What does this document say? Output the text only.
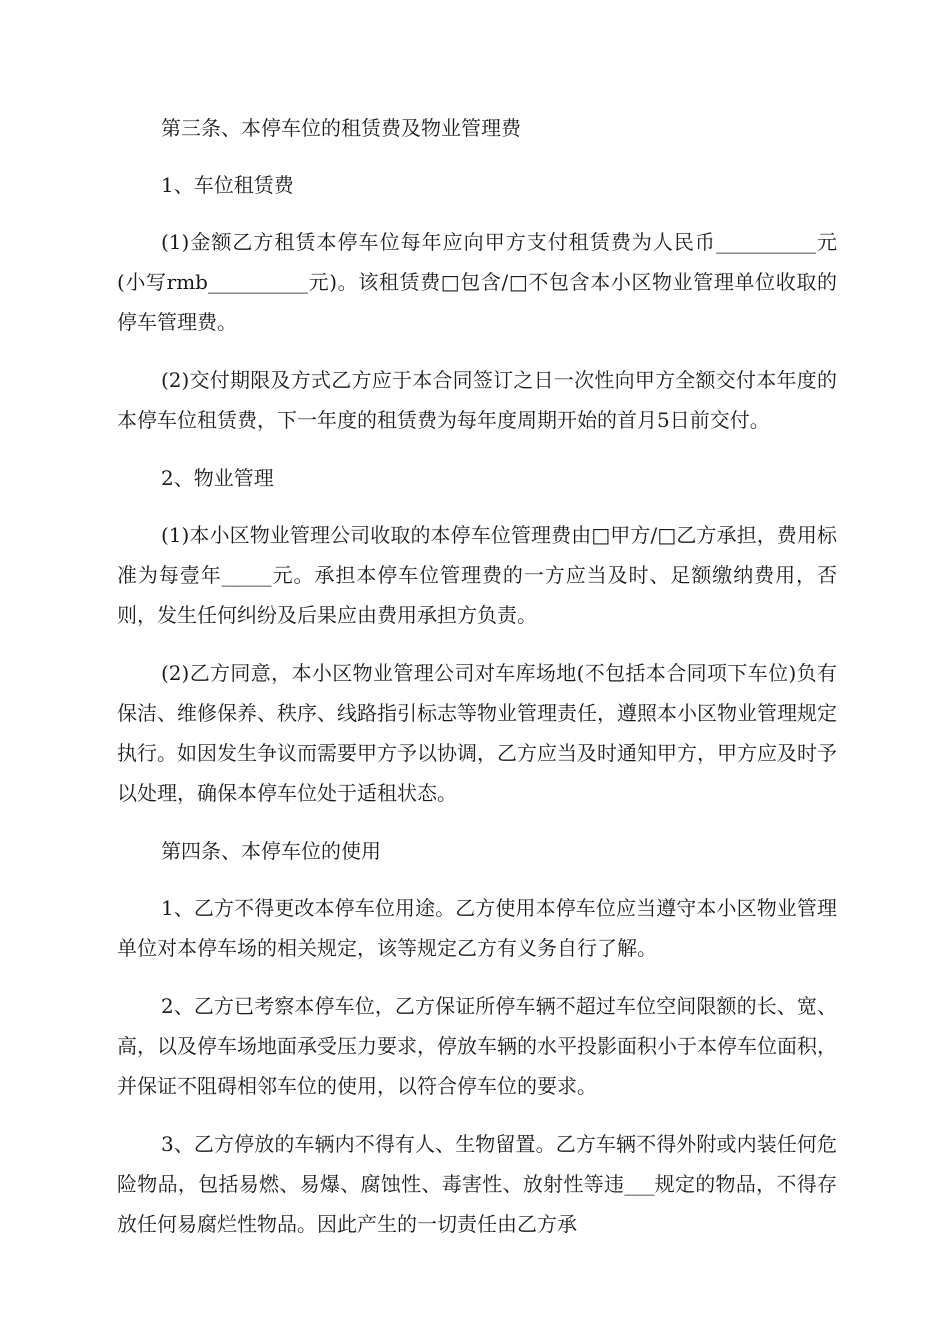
第三条、本停车位的租赁费及物业管理费

1、车位租赁费

(1)金额乙方租赁本停车位每年应向甲方支付租赁费为人民币__________元(小写rmb__________元)。该租赁费□包含/□不包含本小区物业管理单位收取的停车管理费。

(2)交付期限及方式乙方应于本合同签订之日一次性向甲方全额交付本年度的本停车位租赁费，下一年度的租赁费为每年度周期开始的首月5日前交付。

2、物业管理

(1)本小区物业管理公司收取的本停车位管理费由□甲方/□乙方承担，费用标准为每壹年_____元。承担本停车位管理费的一方应当及时、足额缴纳费用，否则，发生任何纠纷及后果应由费用承担方负责。

(2)乙方同意，本小区物业管理公司对车库场地(不包括本合同项下车位)负有保洁、维修保养、秩序、线路指引标志等物业管理责任，遵照本小区物业管理规定执行。如因发生争议而需要甲方予以协调，乙方应当及时通知甲方，甲方应及时予以处理，确保本停车位处于适租状态。

第四条、本停车位的使用

1、乙方不得更改本停车位用途。乙方使用本停车位应当遵守本小区物业管理单位对本停车场的相关规定，该等规定乙方有义务自行了解。

2、乙方已考察本停车位，乙方保证所停车辆不超过车位空间限额的长、宽、高，以及停车场地面承受压力要求，停放车辆的水平投影面积小于本停车位面积，并保证不阻碍相邻车位的使用，以符合停车位的要求。

3、乙方停放的车辆内不得有人、生物留置。乙方车辆不得外附或内装任何危险物品，包括易燃、易爆、腐蚀性、毒害性、放射性等违___规定的物品，不得存放任何易腐烂性物品。因此产生的一切责任由乙方承
